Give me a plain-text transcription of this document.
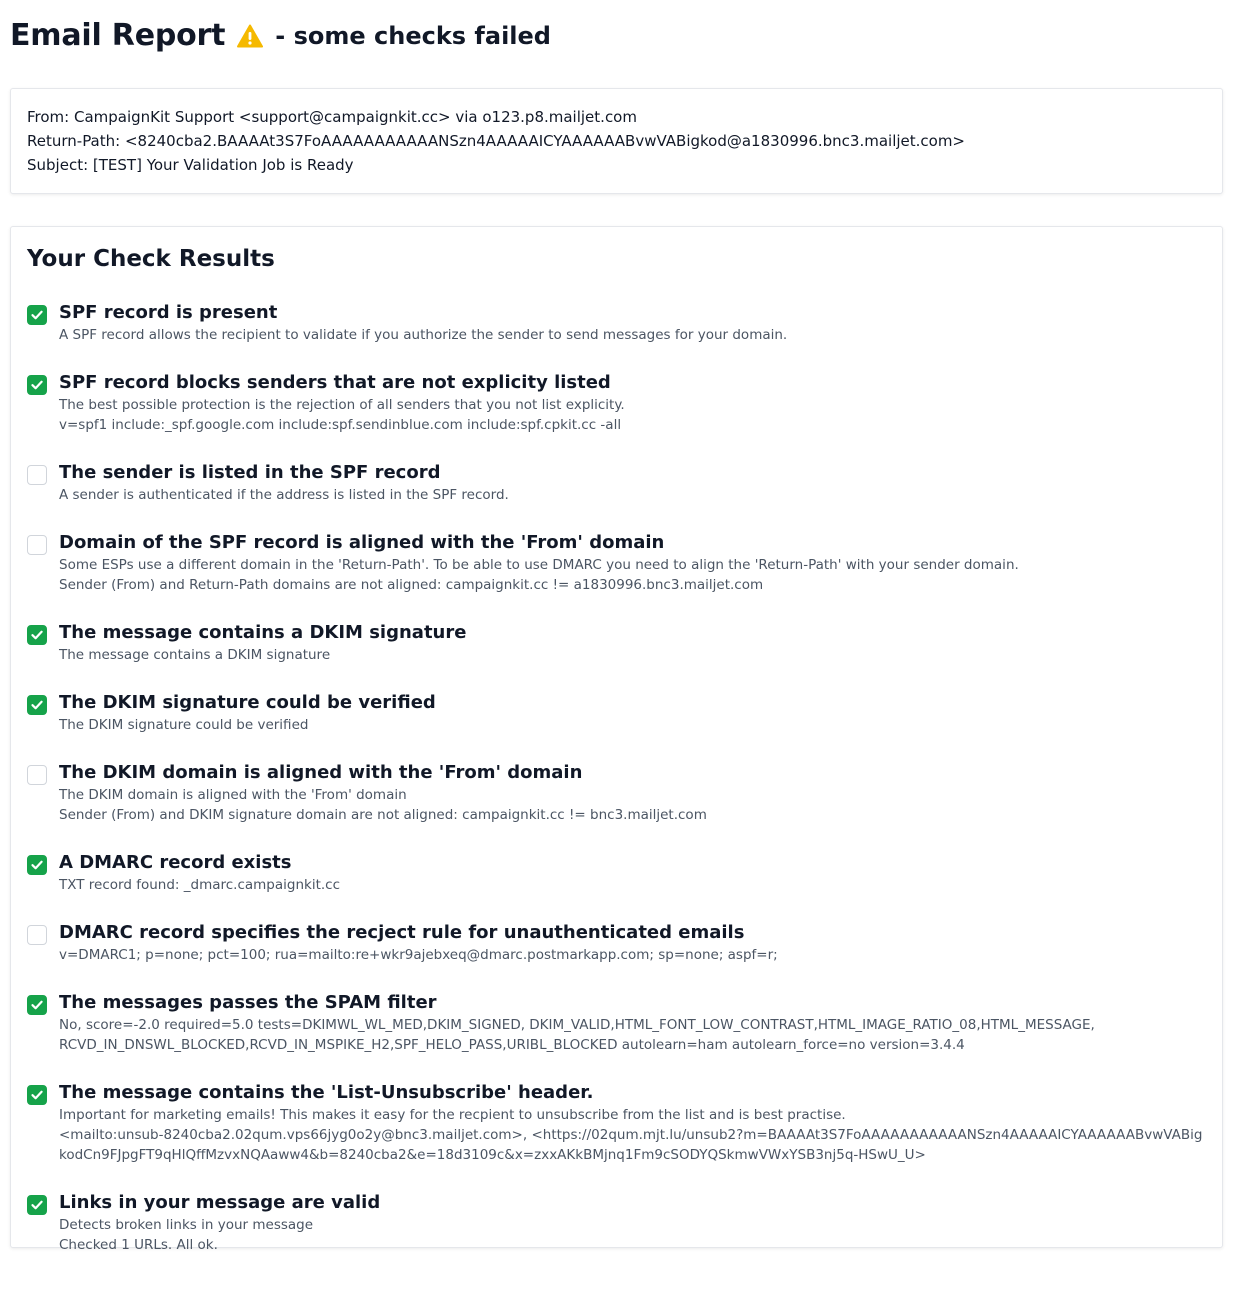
Email Report - some checks failed
From: CampaignKit Support <support@campaignkit.cc> via o123.p8.mailjet.com
Return-Path: <8240cba2.BAAAAt3S7FoAAAAAAAAAAANSzn4AAAAAICYAAAAAABvwVABigkod@a1830996.bnc3.mailjet.com>
Subject: [TEST] Your Validation Job is Ready
Your Check Results
SPF record is present
A SPF record allows the recipient to validate if you authorize the sender to send messages for your domain.
SPF record blocks senders that are not explicity listed
The best possible protection is the rejection of all senders that you not list explicity.
v=spf1 include:_spf.google.com include:spf.sendinblue.com include:spf.cpkit.cc -all
The sender is listed in the SPF record
A sender is authenticated if the address is listed in the SPF record.
Domain of the SPF record is aligned with the 'From' domain
Some ESPs use a different domain in the 'Return-Path'. To be able to use DMARC you need to align the 'Return-Path' with your sender domain.
Sender (From) and Return-Path domains are not aligned: campaignkit.cc != a1830996.bnc3.mailjet.com
The message contains a DKIM signature
The message contains a DKIM signature
The DKIM signature could be verified
The DKIM signature could be verified
The DKIM domain is aligned with the 'From' domain
The DKIM domain is aligned with the 'From' domain
Sender (From) and DKIM signature domain are not aligned: campaignkit.cc != bnc3.mailjet.com
A DMARC record exists
TXT record found: _dmarc.campaignkit.cc
DMARC record specifies the recject rule for unauthenticated emails
v=DMARC1; p=none; pct=100; rua=mailto:re+wkr9ajebxeq@dmarc.postmarkapp.com; sp=none; aspf=r;
The messages passes the SPAM filter
No, score=-2.0 required=5.0 tests=DKIMWL_WL_MED,DKIM_SIGNED, DKIM_VALID,HTML_FONT_LOW_CONTRAST,HTML_IMAGE_RATIO_08,HTML_MESSAGE, RCVD_IN_DNSWL_BLOCKED,RCVD_IN_MSPIKE_H2,SPF_HELO_PASS,URIBL_BLOCKED autolearn=ham autolearn_force=no version=3.4.4
The message contains the 'List-Unsubscribe' header.
Important for marketing emails! This makes it easy for the recpient to unsubscribe from the list and is best practise.
<mailto:unsub-8240cba2.02qum.vps66jyg0o2y@bnc3.mailjet.com>, <https://02qum.mjt.lu/unsub2?m=BAAAAt3S7FoAAAAAAAAAAANSzn4AAAAAICYAAAAAABvwVABigkodCn9FJpgFT9qHlQffMzvxNQAaww4&b=8240cba2&e=18d3109c&x=zxxAKkBMjnq1Fm9cSODYQSkmwVWxYSB3nj5q-HSwU_U>
Links in your message are valid
Detects broken links in your message
Checked 1 URLs. All ok.
